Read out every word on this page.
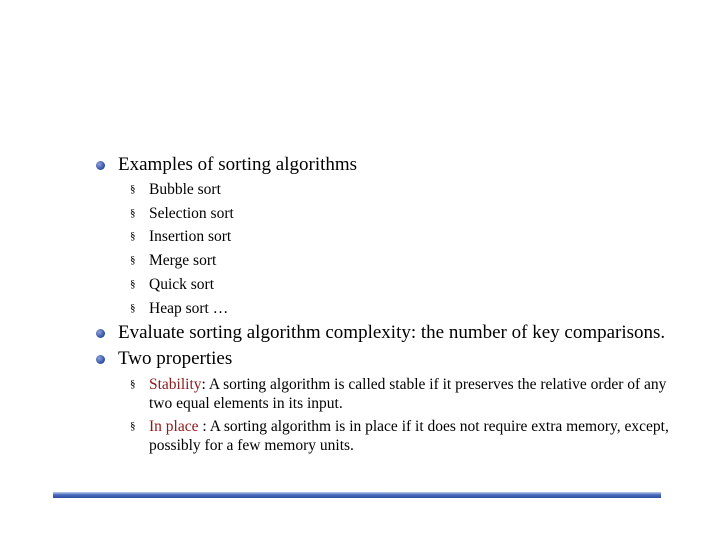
Examples of sorting algorithms
§
Bubble sort
§
Selection sort
§
Insertion sort
§
Merge sort
§
Quick sort
§
Heap sort …
Evaluate sorting algorithm complexity: the number of key comparisons.
Two properties
§
Stability: A sorting algorithm is called stable if it preserves the relative order of any two equal elements in its input.
§
In place : A sorting algorithm is in place if it does not require extra memory, except, possibly for a few memory units.
